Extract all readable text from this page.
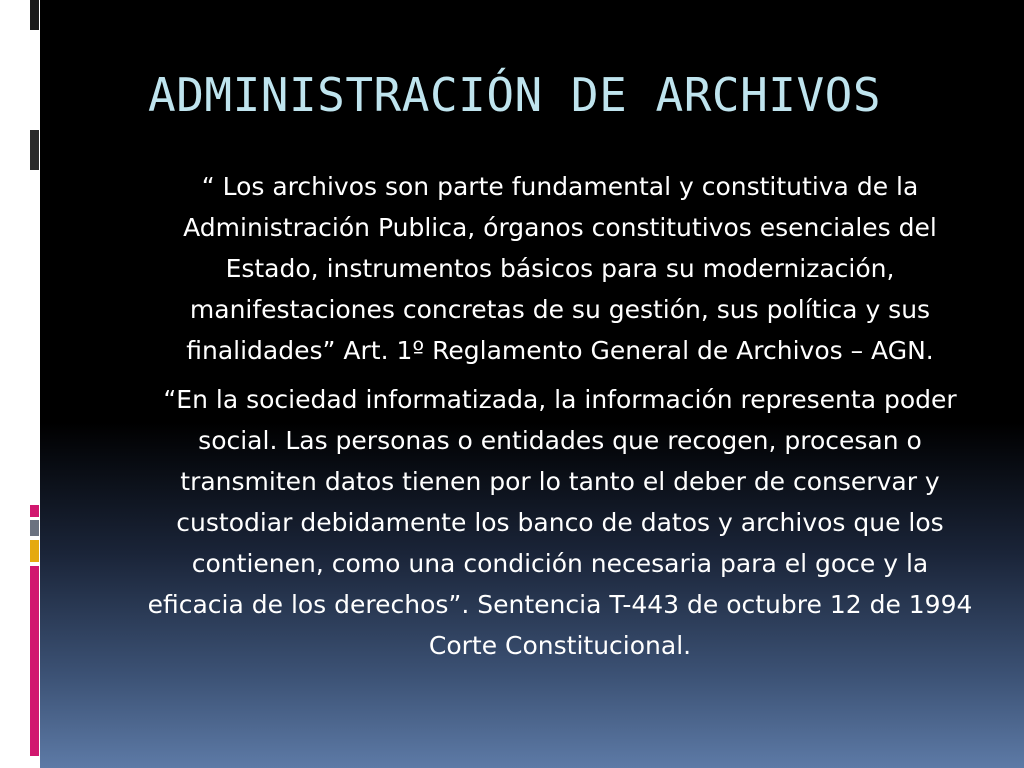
ADMINISTRACIÓN DE ARCHIVOS

“ Los archivos son parte fundamental y constitutiva de la Administración Publica, órganos constitutivos esenciales del Estado, instrumentos básicos para su modernización, manifestaciones concretas de su gestión, sus política y sus finalidades” Art. 1º Reglamento General de Archivos – AGN.

“En la sociedad informatizada, la información representa poder social. Las personas o entidades que recogen, procesan o transmiten datos tienen por lo tanto el deber de conservar y custodiar debidamente los banco de datos y archivos que los contienen, como una condición necesaria para el goce y la eficacia de los derechos”. Sentencia T-443 de octubre 12 de 1994 Corte Constitucional.
